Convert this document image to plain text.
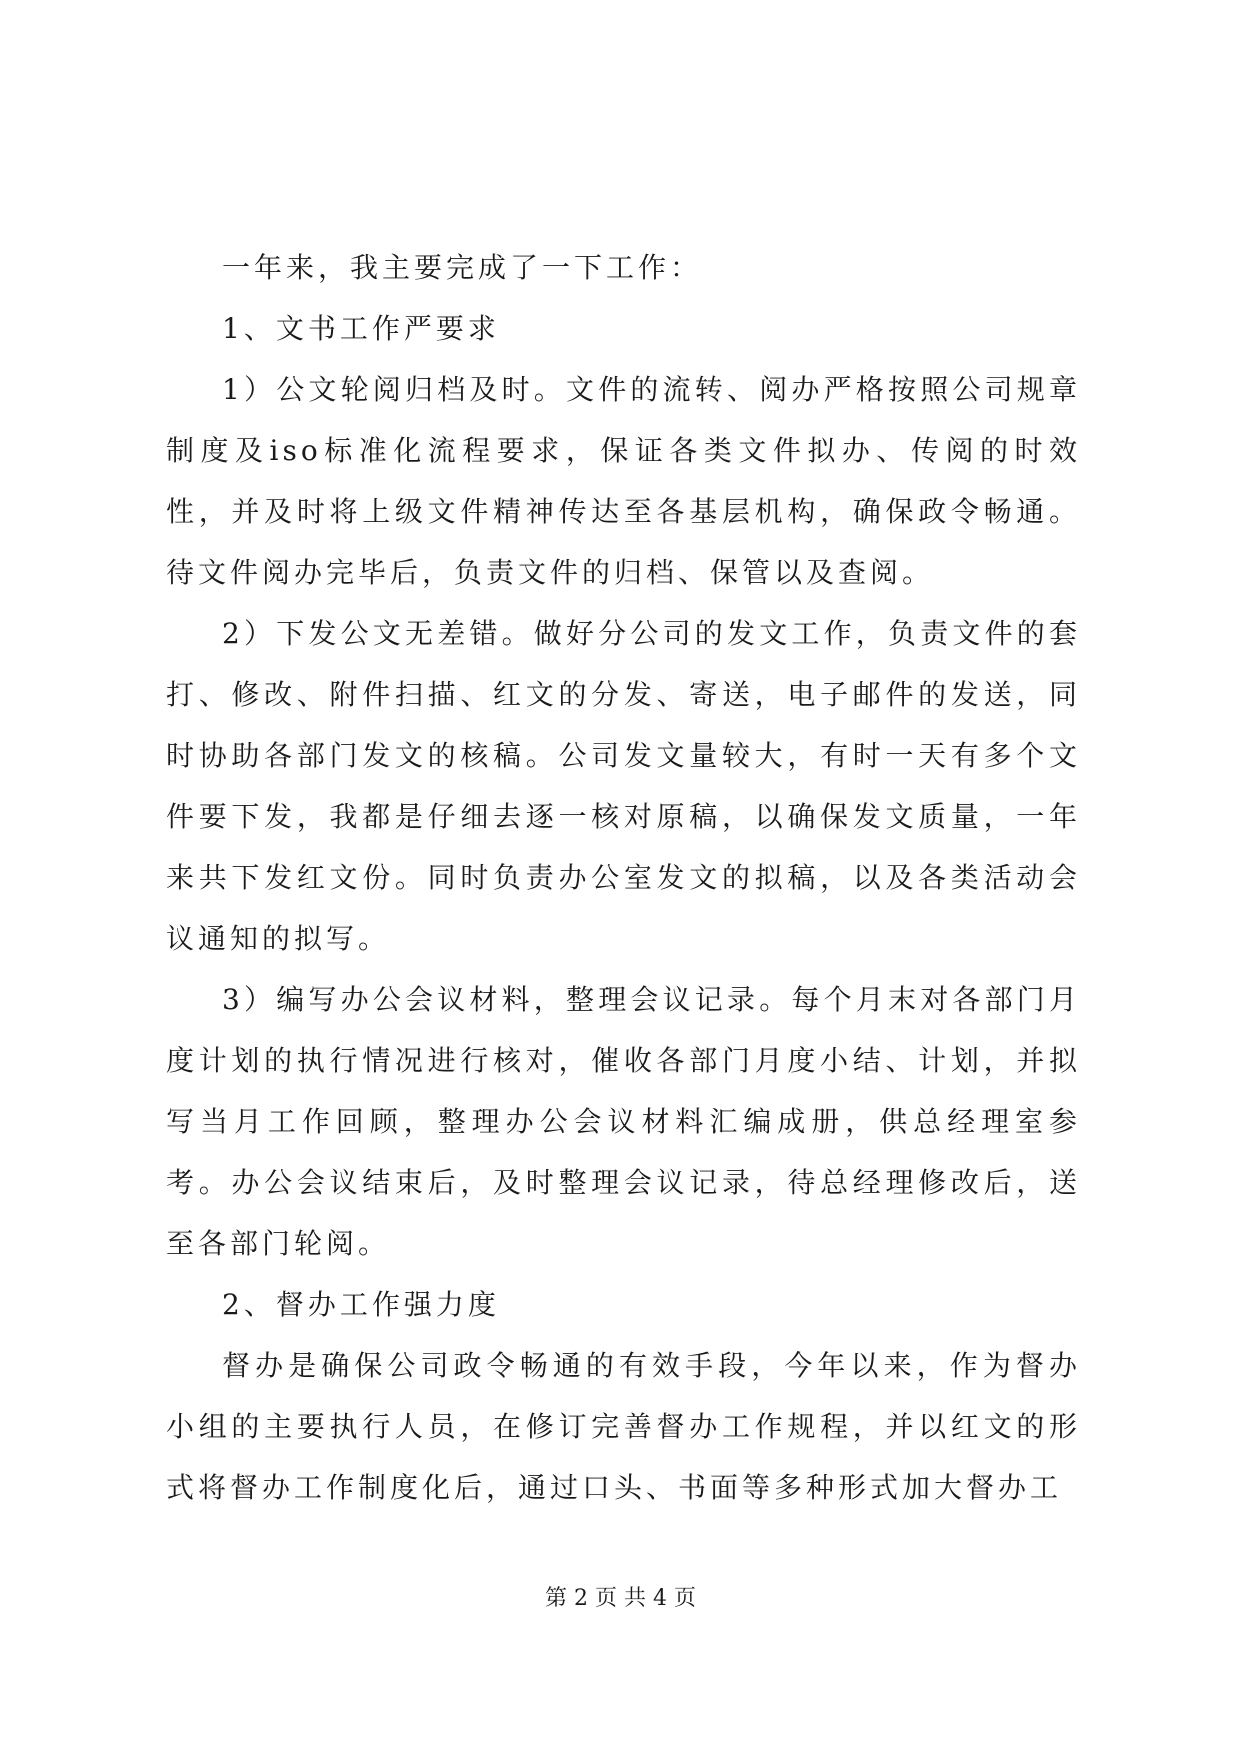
一年来，我主要完成了一下工作：

1、文书工作严要求

1）公文轮阅归档及时。文件的流转、阅办严格按照公司规章制度及iso标准化流程要求，保证各类文件拟办、传阅的时效性，并及时将上级文件精神传达至各基层机构，确保政令畅通。待文件阅办完毕后，负责文件的归档、保管以及查阅。

2）下发公文无差错。做好分公司的发文工作，负责文件的套打、修改、附件扫描、红文的分发、寄送，电子邮件的发送，同时协助各部门发文的核稿。公司发文量较大，有时一天有多个文件要下发，我都是仔细去逐一核对原稿，以确保发文质量，一年来共下发红文份。同时负责办公室发文的拟稿，以及各类活动会议通知的拟写。

3）编写办公会议材料，整理会议记录。每个月末对各部门月度计划的执行情况进行核对，催收各部门月度小结、计划，并拟写当月工作回顾，整理办公会议材料汇编成册，供总经理室参考。办公会议结束后，及时整理会议记录，待总经理修改后，送至各部门轮阅。

2、督办工作强力度

督办是确保公司政令畅通的有效手段，今年以来，作为督办小组的主要执行人员，在修订完善督办工作规程，并以红文的形式将督办工作制度化后，通过口头、书面等多种形式加大督办工

第 2 页 共 4 页
